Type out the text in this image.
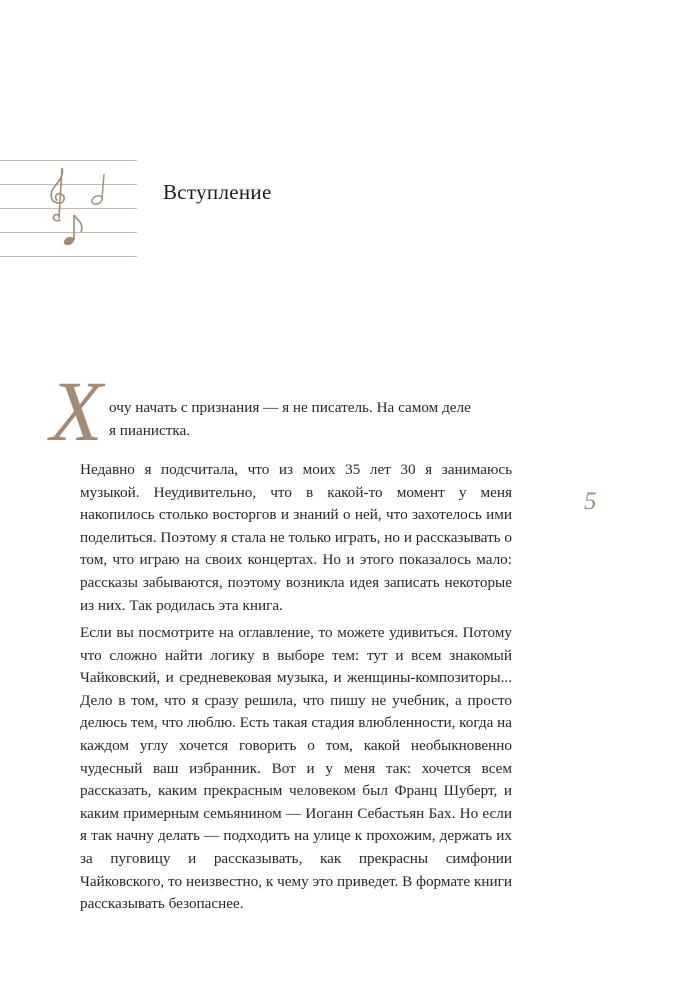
Вступление
Х очу начать с признания — я не писатель. На самом деле

я пианистка.

Недавно я подсчитала, что из моих 35 лет 30 я занимаюсь музыкой. Неудивительно, что в какой-то момент у меня накопилось столько восторгов и знаний о ней, что захотелось ими поделиться. Поэтому я стала не только играть, но и рассказывать о том, что играю на своих концертах. Но и этого показалось мало: рассказы забываются, поэтому возникла идея записать некоторые из них. Так родилась эта книга.

Если вы посмотрите на оглавление, то можете удивиться. Потому что сложно найти логику в выборе тем: тут и всем знакомый Чайковский, и средневековая музыка, и женщины-композиторы... Дело в том, что я сразу решила, что пишу не учебник, а просто делюсь тем, что люблю. Есть такая стадия влюбленности, когда на каждом углу хочется говорить о том, какой необыкновенно чудесный ваш избранник. Вот и у меня так: хочется всем рассказать, каким прекрасным человеком был Франц Шуберт, и каким примерным семьянином — Иоганн Себастьян Бах. Но если я так начну делать — подходить на улице к прохожим, держать их за пуговицу и рассказывать, как прекрасны симфонии Чайковского, то неизвестно, к чему это приведет. В формате книги рассказывать безопаснее.

5
